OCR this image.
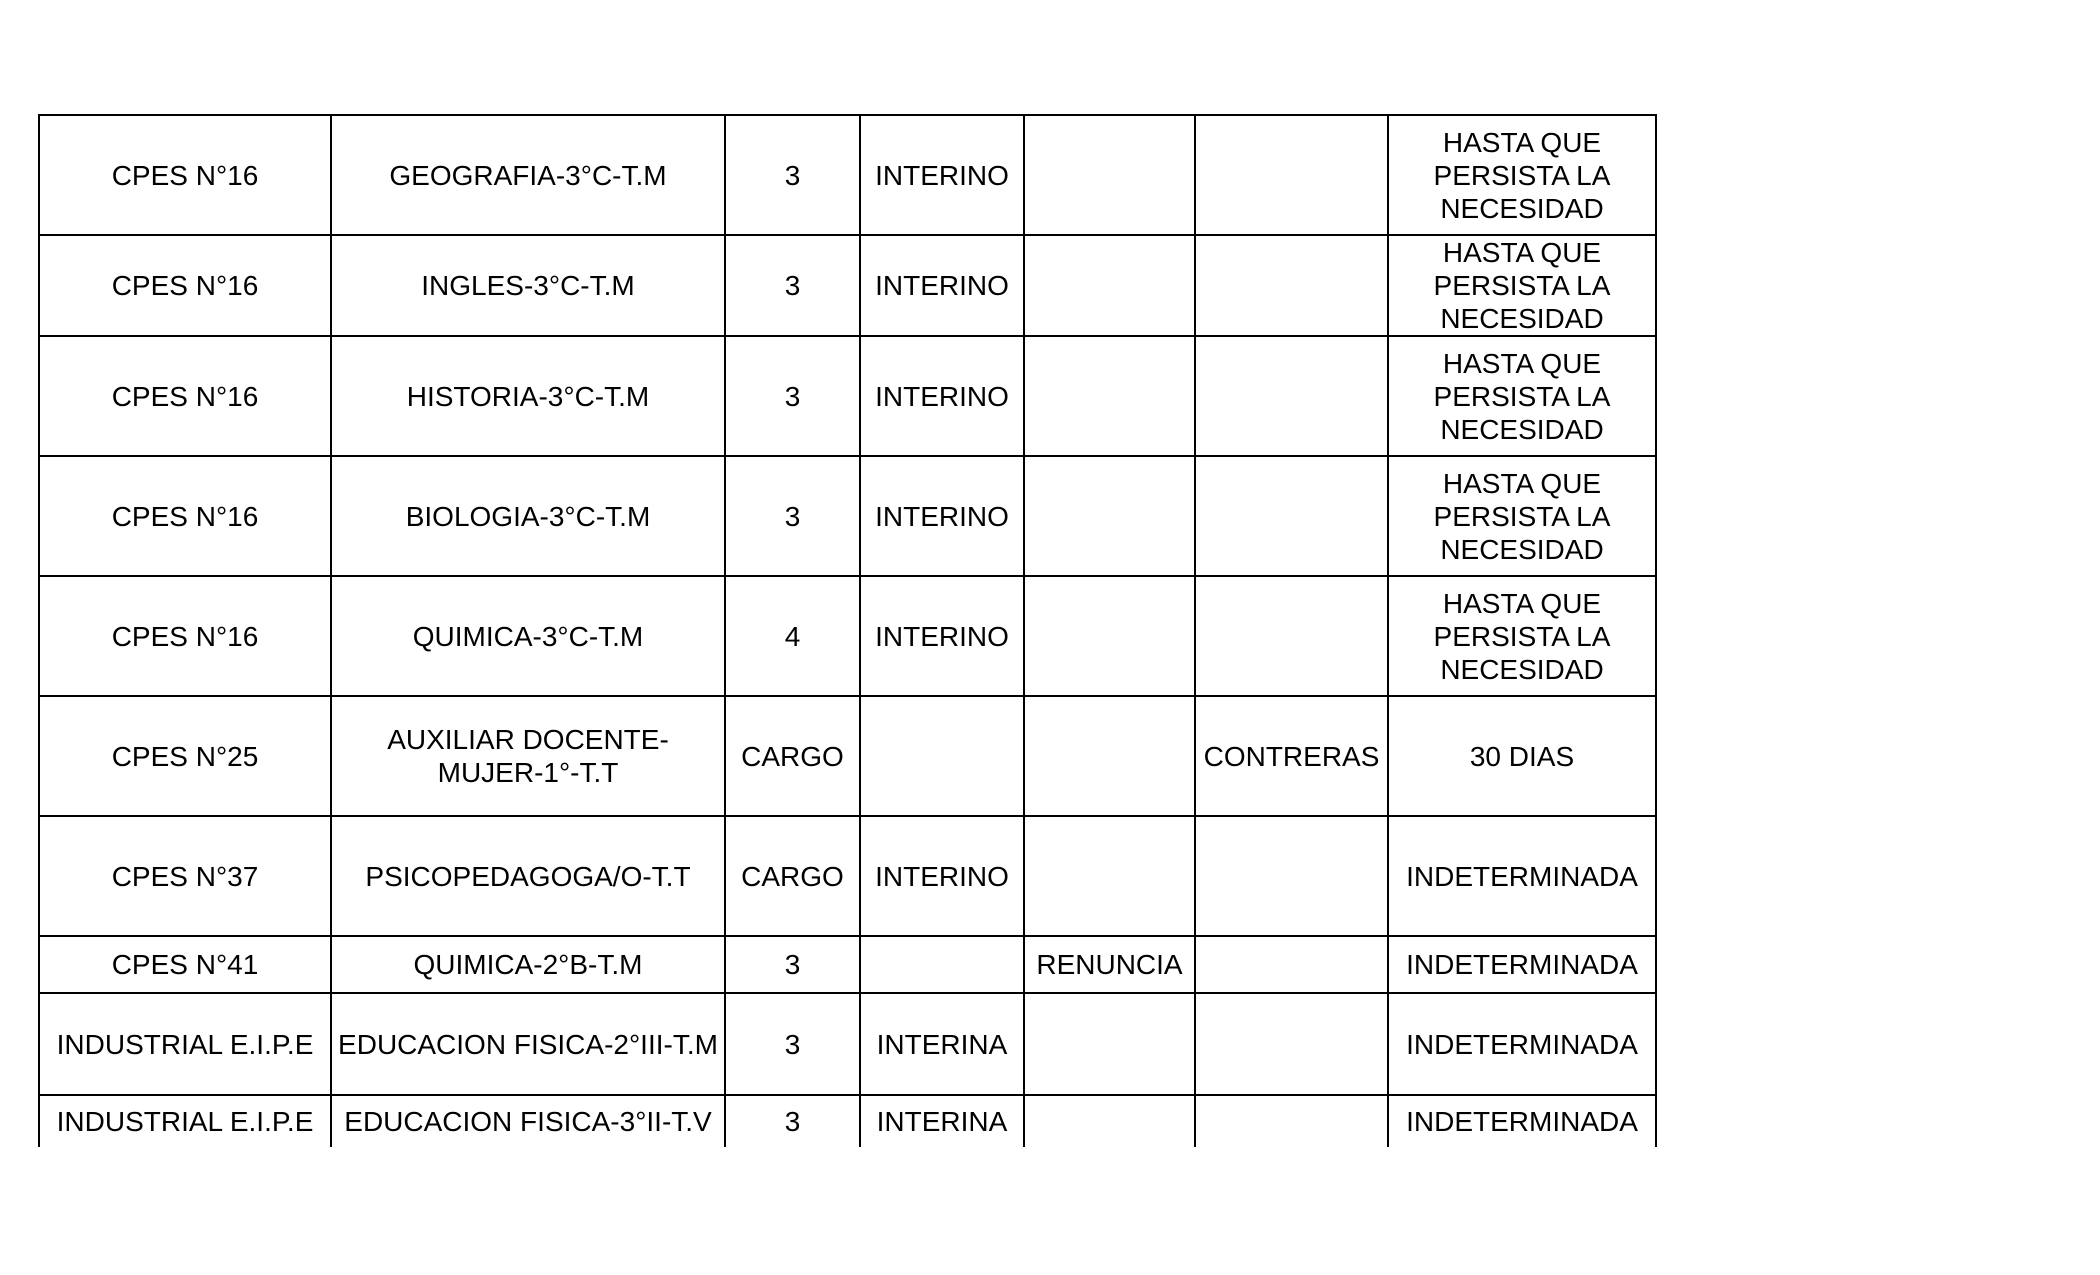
CPES N°16	GEOGRAFIA-3°C-T.M	3	INTERINO			HASTA QUE PERSISTA LA NECESIDAD
CPES N°16	INGLES-3°C-T.M	3	INTERINO			HASTA QUE PERSISTA LA NECESIDAD
CPES N°16	HISTORIA-3°C-T.M	3	INTERINO			HASTA QUE PERSISTA LA NECESIDAD
CPES N°16	BIOLOGIA-3°C-T.M	3	INTERINO			HASTA QUE PERSISTA LA NECESIDAD
CPES N°16	QUIMICA-3°C-T.M	4	INTERINO			HASTA QUE PERSISTA LA NECESIDAD
CPES N°25	AUXILIAR DOCENTE-MUJER-1°-T.T	CARGO			CONTRERAS	30 DIAS
CPES N°37	PSICOPEDAGOGA/O-T.T	CARGO	INTERINO			INDETERMINADA
CPES N°41	QUIMICA-2°B-T.M	3		RENUNCIA		INDETERMINADA
INDUSTRIAL E.I.P.E	EDUCACION FISICA-2°III-T.M	3	INTERINA			INDETERMINADA
INDUSTRIAL E.I.P.E	EDUCACION FISICA-3°II-T.V	3	INTERINA			INDETERMINADA
